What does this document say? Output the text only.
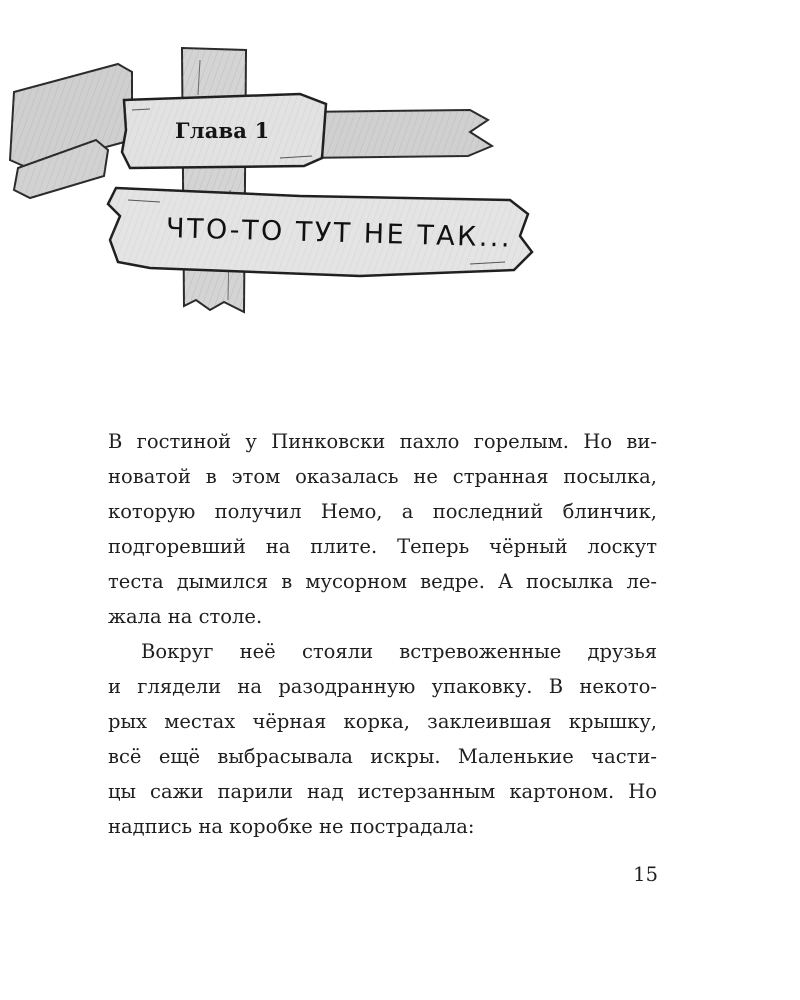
Глава 1
ЧТО-ТО ТУТ НЕ ТАК...
В гостиной у Пинковски пахло горелым. Но ви-
новатой в этом оказалась не странная посылка,
которую получил Немо, а последний блинчик,
подгоревший на плите. Теперь чёрный лоскут
теста дымился в мусорном ведре. А посылка ле-
жала на столе.
Вокруг неё стояли встревоженные друзья
и глядели на разодранную упаковку. В некото-
рых местах чёрная корка, заклеившая крышку,
всё ещё выбрасывала искры. Маленькие части-
цы сажи парили над истерзанным картоном. Но
надпись на коробке не пострадала:
15
